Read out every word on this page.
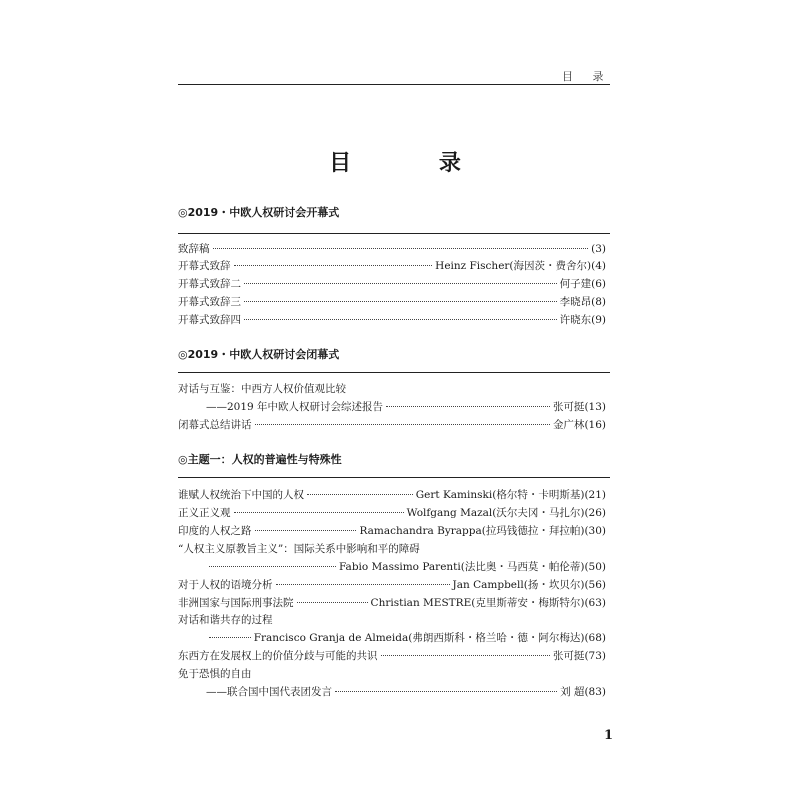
目 录
目 录
◎2019・中欧人权研讨会开幕式
致辞稿	(3)
开幕式致辞	Heinz Fischer(海因茨・费舍尔) (4)
开幕式致辞二	何子建 (6)
开幕式致辞三	李晓昂 (8)
开幕式致辞四	许晓东 (9)
◎2019・中欧人权研讨会闭幕式
对话与互鉴：中西方人权价值观比较
——2019 年中欧人权研讨会综述报告	张可挺 (13)
闭幕式总结讲话	金广林 (16)
◎主题一：人权的普遍性与特殊性
谁赋人权统治下中国的人权	Gert Kaminski(格尔特・卡明斯基) (21)
正义正义观	Wolfgang Mazal(沃尔夫冈・马扎尔) (26)
印度的人权之路	Ramachandra Byrappa(拉玛钱德拉・拜拉帕) (30)
“人权主义原教旨主义”：国际关系中影响和平的障碍
Fabio Massimo Parenti(法比奥・马西莫・帕伦蒂) (50)
对于人权的语境分析	Jan Campbell(扬・坎贝尔) (56)
非洲国家与国际刑事法院	Christian MESTRE(克里斯蒂安・梅斯特尔) (63)
对话和谐共存的过程
Francisco Granja de Almeida(弗朗西斯科・格兰哈・德・阿尔梅达) (68)
东西方在发展权上的价值分歧与可能的共识	张可挺 (73)
免于恐惧的自由
——联合国中国代表团发言	刘 超 (83)
1
